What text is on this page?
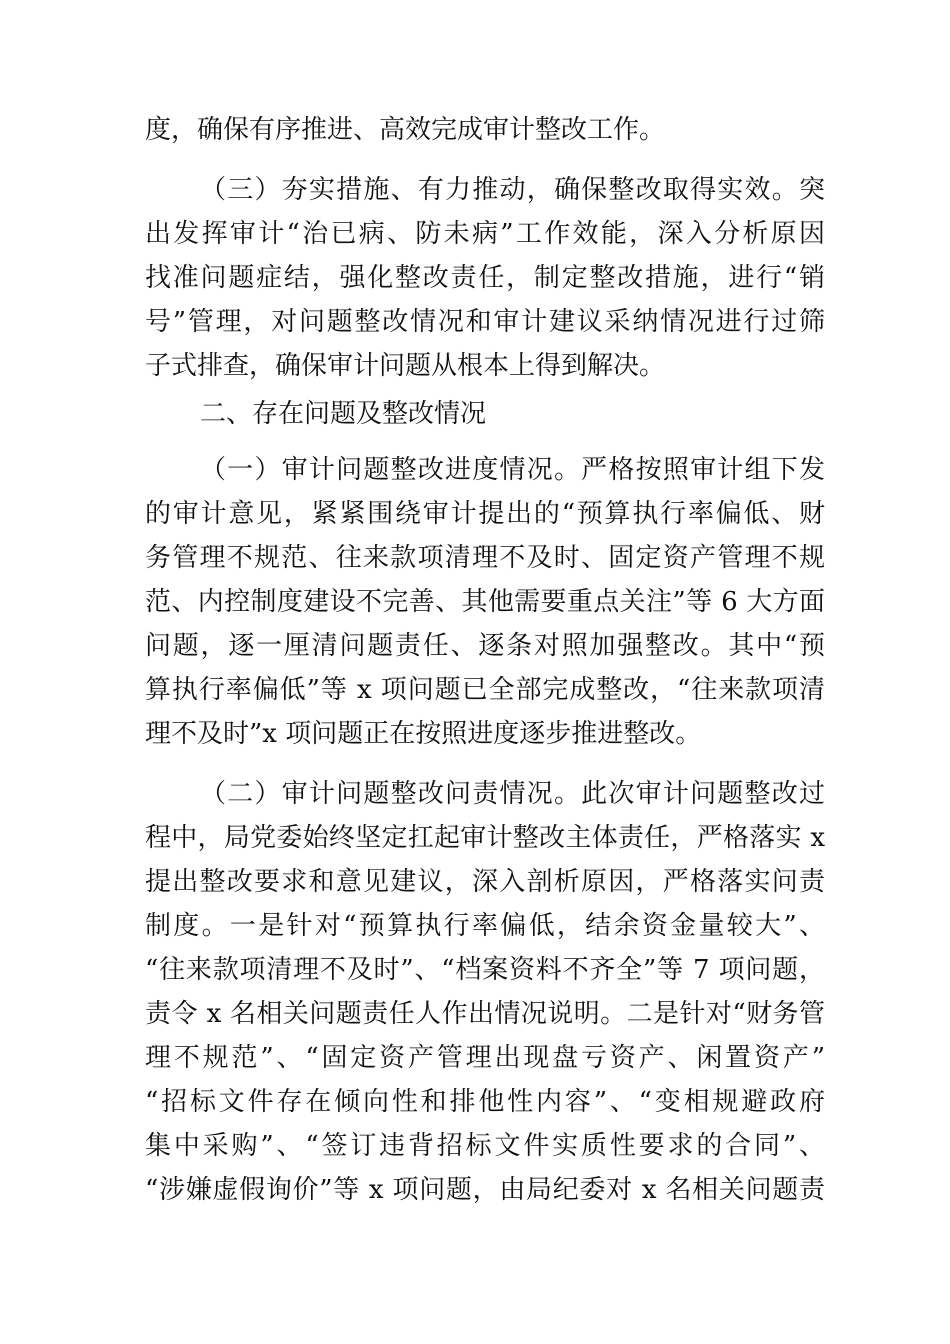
度，确保有序推进、高效完成审计整改工作。
（三）夯实措施、有力推动，确保整改取得实效。突
出发挥审计“治已病、防未病”工作效能，深入分析原因
找准问题症结，强化整改责任，制定整改措施，进行“销
号”管理，对问题整改情况和审计建议采纳情况进行过筛
子式排查，确保审计问题从根本上得到解决。
二、存在问题及整改情况
（一）审计问题整改进度情况。严格按照审计组下发
的审计意见，紧紧围绕审计提出的“预算执行率偏低、财
务管理不规范、往来款项清理不及时、固定资产管理不规
范、内控制度建设不完善、其他需要重点关注”等 6 大方面
问题，逐一厘清问题责任、逐条对照加强整改。其中“预
算执行率偏低”等 x 项问题已全部完成整改，“往来款项清
理不及时”x 项问题正在按照进度逐步推进整改。
（二）审计问题整改问责情况。此次审计问题整改过
程中，局党委始终坚定扛起审计整改主体责任，严格落实 x
提出整改要求和意见建议，深入剖析原因，严格落实问责
制度。一是针对“预算执行率偏低，结余资金量较大”、
“往来款项清理不及时”、“档案资料不齐全”等 7 项问题，
责令 x 名相关问题责任人作出情况说明。二是针对“财务管
理不规范”、“固定资产管理出现盘亏资产、闲置资产”
“招标文件存在倾向性和排他性内容”、“变相规避政府
集中采购”、“签订违背招标文件实质性要求的合同”、
“涉嫌虚假询价”等 x 项问题，由局纪委对 x 名相关问题责
